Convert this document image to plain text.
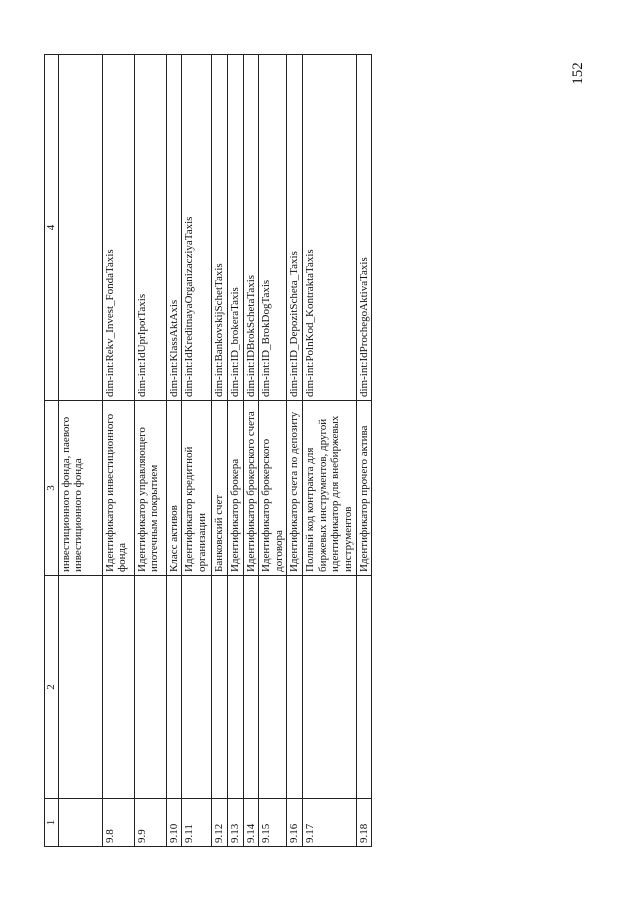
152
1	2	3	4
		инвестиционного фонда, паевого инвестиционного фонда	
9.8		Идентификатор инвестиционного фонда	dim-int:Rekv_Invest_FondaTaxis
9.9		Идентификатор управляющего ипотечным покрытием	dim-int:IdUprIpotTaxis
9.10		Класс активов	dim-int:KlassAktAxis
9.11		Идентификатор кредитной организации	dim-int:IdKreditnayaOrganizacziyaTaxis
9.12		Банковский счет	dim-int:BankovskijSchetTaxis
9.13		Идентификатор брокера	dim-int:ID_brokeraTaxis
9.14		Идентификатор брокерского счета	dim-int:IDBrokSchetaTaxis
9.15		Идентификатор брокерского договора	dim-int:ID_BrokDogTaxis
9.16		Идентификатор счета по депозиту	dim-int:ID_DepozitScheta_Taxis
9.17		Полный код контракта для биржевых инструментов, другой идентификатор для внебиржевых инструментов	dim-int:PolnKod_KontraktaTaxis
9.18		Идентификатор прочего актива	dim-int:IdProchegoAktivaTaxis
